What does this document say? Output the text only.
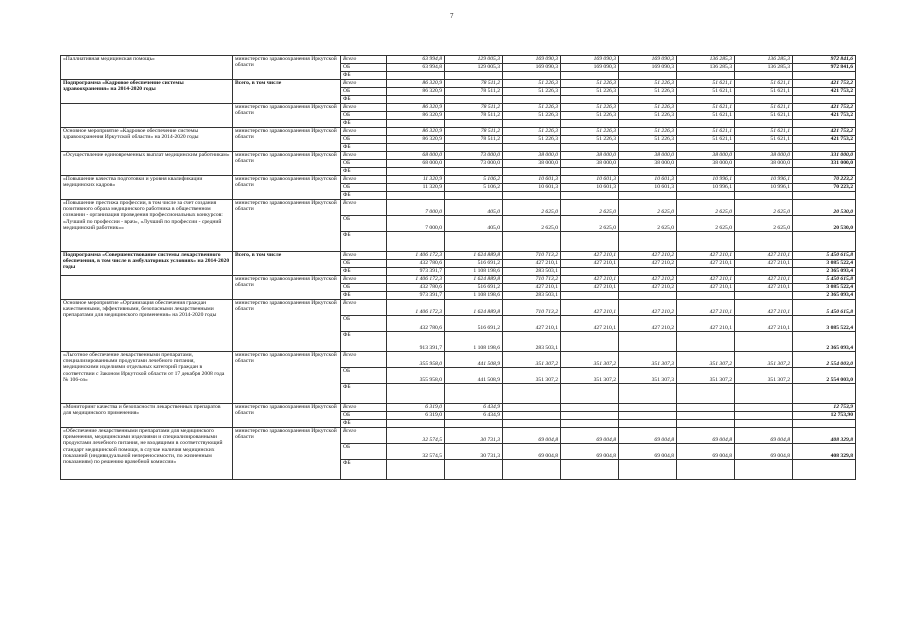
7
«Паллиативная медицинская помощь»	министерство здравоохранения Иркутской области	Всего	63 994,8	129 005,3	169 090,3	169 090,3	169 090,3	136 285,3	136 285,3	972 841,6
		ОБ	63 994,8	129 005,3	169 090,3	169 090,3	169 090,3	136 285,3	136 285,3	972 841,6
		ФБ								
Подпрограмма «Кадровое обеспечение системы здравоохранения» на 2014-2020 годы	Всего, в том числе	Всего	86 320,9	78 511,2	51 226,3	51 226,3	51 226,3	51 621,1	51 621,1	421 753,2
		ОБ	86 320,9	78 511,2	51 226,3	51 226,3	51 226,3	51 621,1	51 621,1	421 753,2
		ФБ								
	министерство здравоохранения Иркутской области	Всего	86 320,9	78 511,2	51 226,3	51 226,3	51 226,3	51 621,1	51 621,1	421 753,2
		ОБ	86 320,9	78 511,2	51 226,3	51 226,3	51 226,3	51 621,1	51 621,1	421 753,2
		ФБ								
Основное мероприятие «Кадровое обеспечение системы здравоохранения Иркутской области» на 2014-2020 годы	министерство здравоохранения Иркутской области	Всего	86 320,9	78 511,2	51 226,3	51 226,3	51 226,3	51 621,1	51 621,1	421 753,2
		ОБ	86 320,9	78 511,2	51 226,3	51 226,3	51 226,3	51 621,1	51 621,1	421 753,2
		ФБ								
«Осуществление единовременных выплат медицинским работникам»	министерство здравоохранения Иркутской области	Всего	68 000,0	73 000,0	38 000,0	38 000,0	38 000,0	38 000,0	38 000,0	331 000,0
		ОБ	68 000,0	73 000,0	38 000,0	38 000,0	38 000,0	38 000,0	38 000,0	331 000,0
		ФБ								
«Повышение качества подготовки и уровня квалификации медицинских кадров»	министерство здравоохранения Иркутской области	Всего	11 320,9	5 106,2	10 601,3	10 601,3	10 601,3	10 996,1	10 996,1	70 223,2
		ОБ	11 320,9	5 106,2	10 601,3	10 601,3	10 601,3	10 996,1	10 996,1	70 223,2
		ФБ								
«Повышение престижа профессии, в том числе за счет создания позитивного образа медицинского работника в общественном сознании - организация проведения профессиональных конкурсов: «Лучший по профессии - врач», «Лучший по профессии - средний медицинский работник»»	министерство здравоохранения Иркутской области	Всего	7 000,0	405,0	2 625,0	2 625,0	2 625,0	2 625,0	2 625,0	20 530,0
		ОБ	7 000,0	405,0	2 625,0	2 625,0	2 625,0	2 625,0	2 625,0	20 530,0
		ФБ								
Подпрограмма «Совершенствование системы лекарственного обеспечения, в том числе в амбулаторных условиях» на 2014-2020 годы	Всего, в том числе	Всего	1 406 172,3	1 624 889,8	710 713,2	427 210,1	427 210,2	427 210,1	427 210,1	5 450 615,8
		ОБ	432 780,6	516 691,2	427 210,1	427 210,1	427 210,2	427 210,1	427 210,1	3 085 522,4
		ФБ	973 391,7	1 108 198,6	283 503,1					2 365 093,4
	министерство здравоохранения Иркутской области	Всего	1 406 172,3	1 624 889,8	710 713,2	427 210,1	427 210,2	427 210,1	427 210,1	5 450 615,8
		ОБ	432 780,6	516 691,2	427 210,1	427 210,1	427 210,2	427 210,1	427 210,1	3 085 522,4
		ФБ	973 391,7	1 108 198,6	283 503,1					2 365 093,4
Основное мероприятие «Организация обеспечения граждан качественными, эффективными, безопасными лекарственными препаратами для медицинского применения» на 2014-2020 годы	министерство здравоохранения Иркутской области	Всего	1 406 172,3	1 624 889,8	710 713,2	427 210,1	427 210,2	427 210,1	427 210,1	5 450 615,8
		ОБ	432 780,6	516 691,2	427 210,1	427 210,1	427 210,2	427 210,1	427 210,1	3 085 522,4
		ФБ	913 391,7	1 108 198,6	283 503,1					2 365 093,4
«Льготное обеспечение лекарственными препаратами, специализированными продуктами лечебного питания, медицинскими изделиями отдельных категорий граждан в соответствии с Законом Иркутской области от 17 декабря 2008 года № 106-оз»	министерство здравоохранения Иркутской области	Всего	355 958,0	441 508,9	351 307,2	351 307,2	351 307,3	351 307,2	351 307,2	2 554 003,0
		ОБ	355 958,0	441 508,9	351 307,2	351 307,2	351 307,3	351 307,2	351 307,2	2 554 003,0
		ФБ								
«Мониторинг качества и безопасности лекарственных препаратов для медицинского применения»	министерство здравоохранения Иркутской области	Всего	6 319,0	6 434,9						12 753,9
		ОБ	6 319,0	6 434,9						12 753,90
		ФБ								
«Обеспечение лекарственными препаратами для медицинского применения, медицинскими изделиями и специализированными продуктами лечебного питания, не входящими в соответствующий стандарт медицинской помощи, в случае наличия медицинских показаний (индивидуальной непереносимости, по жизненным показаниям) по решению врачебной комиссии»	министерство здравоохранения Иркутской области	Всего	32 574,5	30 731,3	69 004,8	69 004,8	69 004,8	69 004,8	69 004,8	408 329,8
		ОБ	32 574,5	30 731,3	69 004,8	69 004,8	69 004,8	69 004,8	69 004,8	408 329,8
		ФБ								
